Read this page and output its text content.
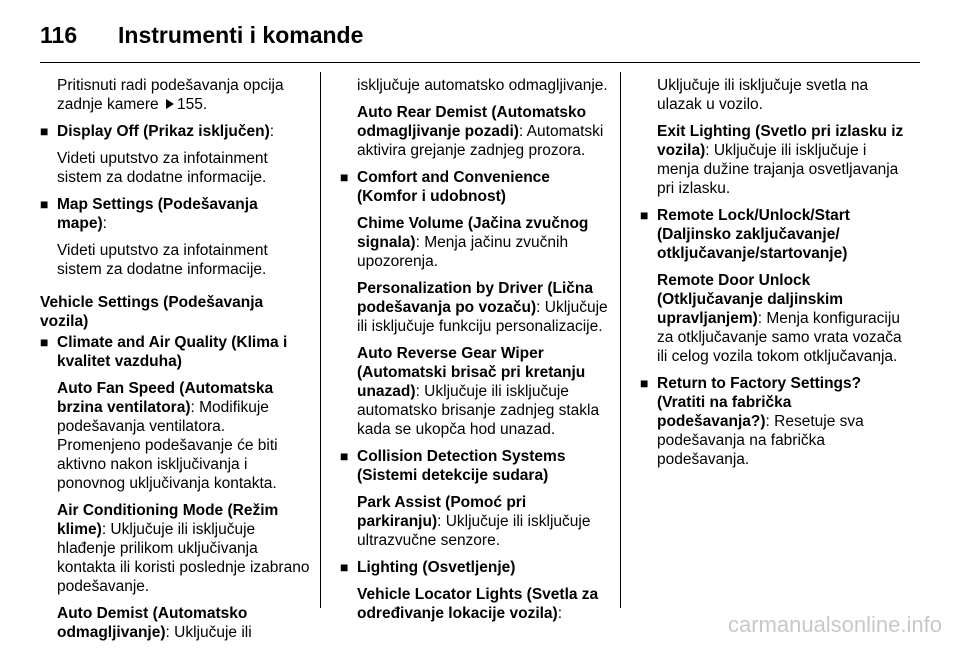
116 Instrumenti i komande

Pritisnuti radi podešavanja opcija zadnje kamere 155.

■ Display Off (Prikaz isključen):

Videti uputstvo za infotainment sistem za dodatne informacije.

■ Map Settings (Podešavanja mape):

Videti uputstvo za infotainment sistem za dodatne informacije.

Vehicle Settings (Podešavanja vozila)
■ Climate and Air Quality (Klima i kvalitet vazduha)

Auto Fan Speed (Automatska brzina ventilatora): Modifikuje podešavanja ventilatora. Promenjeno podešavanje će biti aktivno nakon isključivanja i ponovnog uključivanja kontakta.

Air Conditioning Mode (Režim klime): Uključuje ili isključuje hlađenje prilikom uključivanja kontakta ili koristi poslednje izabrano podešavanje.

Auto Demist (Automatsko odmagljivanje): Uključuje ili

isključuje automatsko odmagljivanje.

Auto Rear Demist (Automatsko odmagljivanje pozadi): Automatski aktivira grejanje zadnjeg prozora.

■ Comfort and Convenience (Komfor i udobnost)

Chime Volume (Jačina zvučnog signala): Menja jačinu zvučnih upozorenja.

Personalization by Driver (Lična podešavanja po vozaču): Uključuje ili isključuje funkciju personalizacije.

Auto Reverse Gear Wiper (Automatski brisač pri kretanju unazad): Uključuje ili isključuje automatsko brisanje zadnjeg stakla kada se ukopča hod unazad.

■ Collision Detection Systems (Sistemi detekcije sudara)

Park Assist (Pomoć pri parkiranju): Uključuje ili isključuje ultrazvučne senzore.

■ Lighting (Osvetljenje)

Vehicle Locator Lights (Svetla za određivanje lokacije vozila):

Uključuje ili isključuje svetla na ulazak u vozilo.

Exit Lighting (Svetlo pri izlasku iz vozila): Uključuje ili isključuje i menja dužine trajanja osvetljavanja pri izlasku.

■ Remote Lock/Unlock/Start (Daljinsko zaključavanje/ otključavanje/startovanje)

Remote Door Unlock (Otključavanje daljinskim upravljanjem): Menja konfiguraciju za otključavanje samo vrata vozača ili celog vozila tokom otključavanja.

■ Return to Factory Settings? (Vratiti na fabrička podešavanja?): Resetuje sva podešavanja na fabrička podešavanja.
carmanualsonline.info
